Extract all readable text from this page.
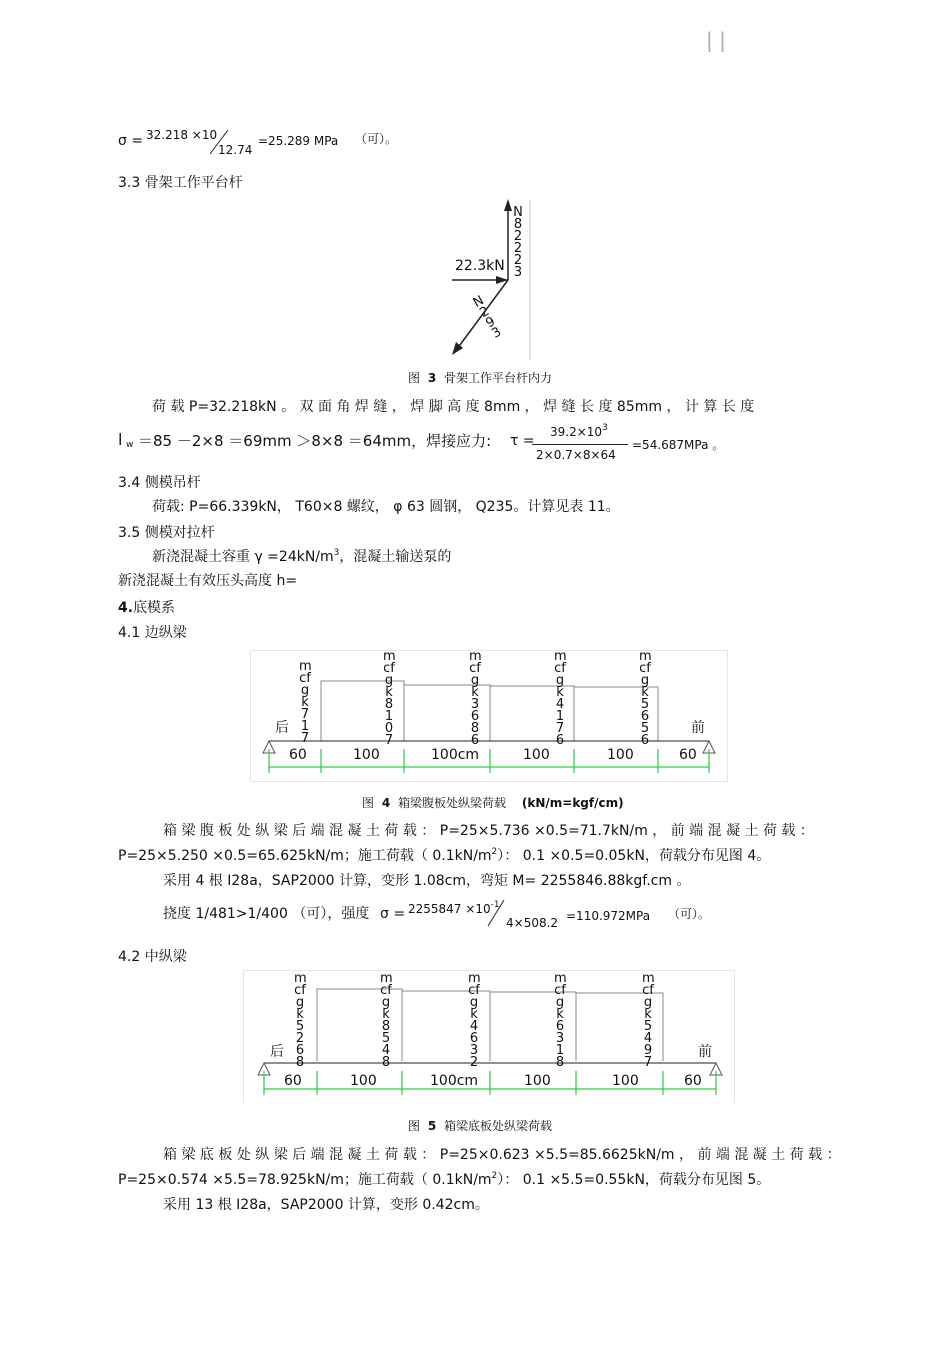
| |
σ = 32.218 ×10
12.74
=25.289 MPa （可）。
3.3 骨架工作平台杆
N82223
22.3kN
N293
图 3 骨架工作平台杆内力
荷 载 P=32.218kN 。 双 面 角 焊 缝 ， 焊 脚 高 度 8mm ， 焊 缝 长 度 85mm ， 计 算 长 度
l w ＝85 －2×8 ＝69mm ＞8×8 ＝64mm，焊接应力: τ =
$39.2\times 10^3$
2×0.7×8×64
=54.687MPa 。
3.4 侧模吊杆
荷载: P=66.339kN， T60×8 螺纹， φ 63 圆钢， Q235。计算见表 11。
3.5 侧模对拉杆
新浇混凝土容重 $\gamma =24kN/m^3$，混凝土输送泵的
新浇混凝土有效压头高度 h=
4.底模系
4.1 边纵梁
mcfgk717
mcfgk8107
mcfgk3686
mcfgk4176
mcfgk5656
后	前
60	100	100cm	100	100	60
图 4 箱梁腹板处纵梁荷载 (kN/m=kgf/cm)
箱 梁 腹 板 处 纵 梁 后 端 混 凝 土 荷 载 ： P=25×5.736 ×0.5=71.7kN/m ， 前 端 混 凝 土 荷 载 ：
P=25×5.250 ×0.5=65.625kN/m；施工荷载（ $0.1kN/m^2$）： 0.1 ×0.5=0.05kN，荷载分布见图 4。
采用 4 根 I28a，SAP2000 计算，变形 1.08cm，弯矩 M= 2255846.88kgf.cm 。
挠度 1/481>1/400 （可），强度 $\sigma = 2255847 \times 10^{-1}$
4×508.2 =110.972MPa （可）。
4.2 中纵梁
mcfgk5268
mcfgk8548
mcfgk4632
mcfgk6318
mcfgk5497
后	前
60	100	100cm	100	100	60
图 5 箱梁底板处纵梁荷载
箱 梁 底 板 处 纵 梁 后 端 混 凝 土 荷 载 ： P=25×0.623 ×5.5=85.6625kN/m ， 前 端 混 凝 土 荷 载 ：
P=25×0.574 ×5.5=78.925kN/m；施工荷载（ $0.1kN/m^2$）： 0.1 ×5.5=0.55kN，荷载分布见图 5。
采用 13 根 I28a，SAP2000 计算，变形 0.42cm。
